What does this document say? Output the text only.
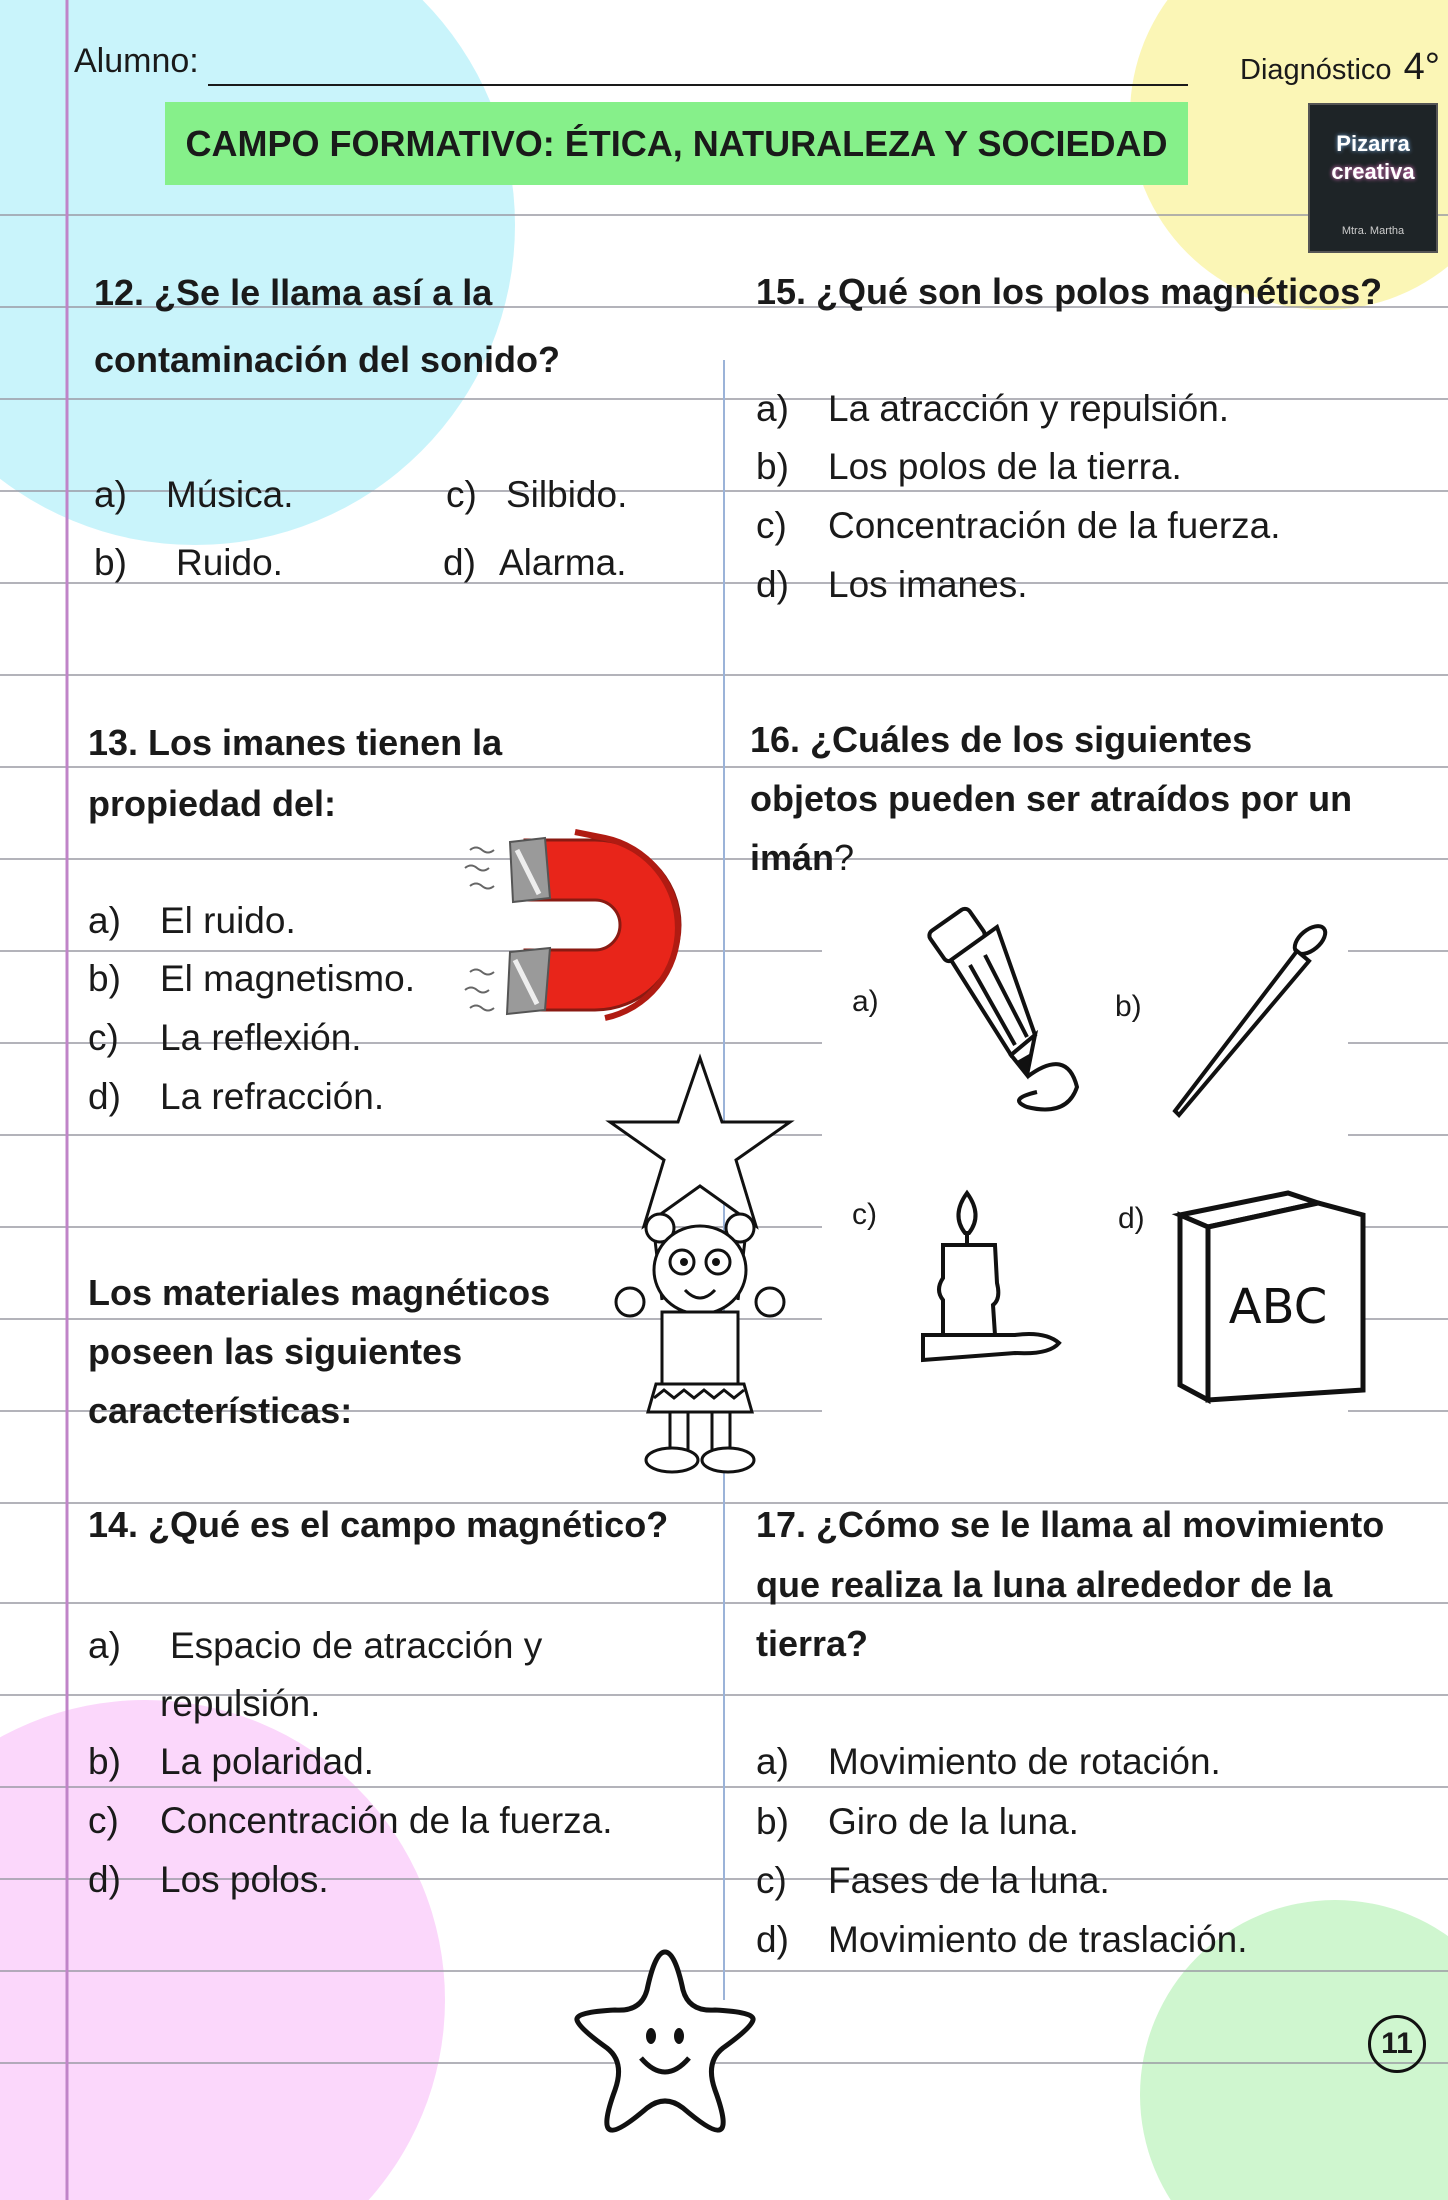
Alumno:	Diagnóstico 4°
CAMPO FORMATIVO: ÉTICA, NATURALEZA Y SOCIEDAD	Pizarra
creativa
Mtra. Martha
12. ¿Se le llama así a la
contaminación del sonido?
a) Música.
b) Ruido.
c) Silbido.
d) Alarma.
13. Los imanes tienen la
propiedad del:
a) El ruido.
b) El magnetismo.
c) La reflexión.
d) La refracción.
Los materiales magnéticos
poseen las siguientes
características:
14. ¿Qué es el campo magnético?
a) Espacio de atracción y
repulsión.
b) La polaridad.
c) Concentración de la fuerza.
d) Los polos.
15. ¿Qué son los polos magnéticos?
a) La atracción y repulsión.
b) Los polos de la tierra.
c) Concentración de la fuerza.
d) Los imanes.
16. ¿Cuáles de los siguientes
objetos pueden ser atraídos por un
imán?
a)	b)
c)	d)
ABC
17. ¿Cómo se le llama al movimiento
que realiza la luna alrededor de la
tierra?
a) Movimiento de rotación.
b) Giro de la luna.
c) Fases de la luna.
d) Movimiento de traslación.
11
